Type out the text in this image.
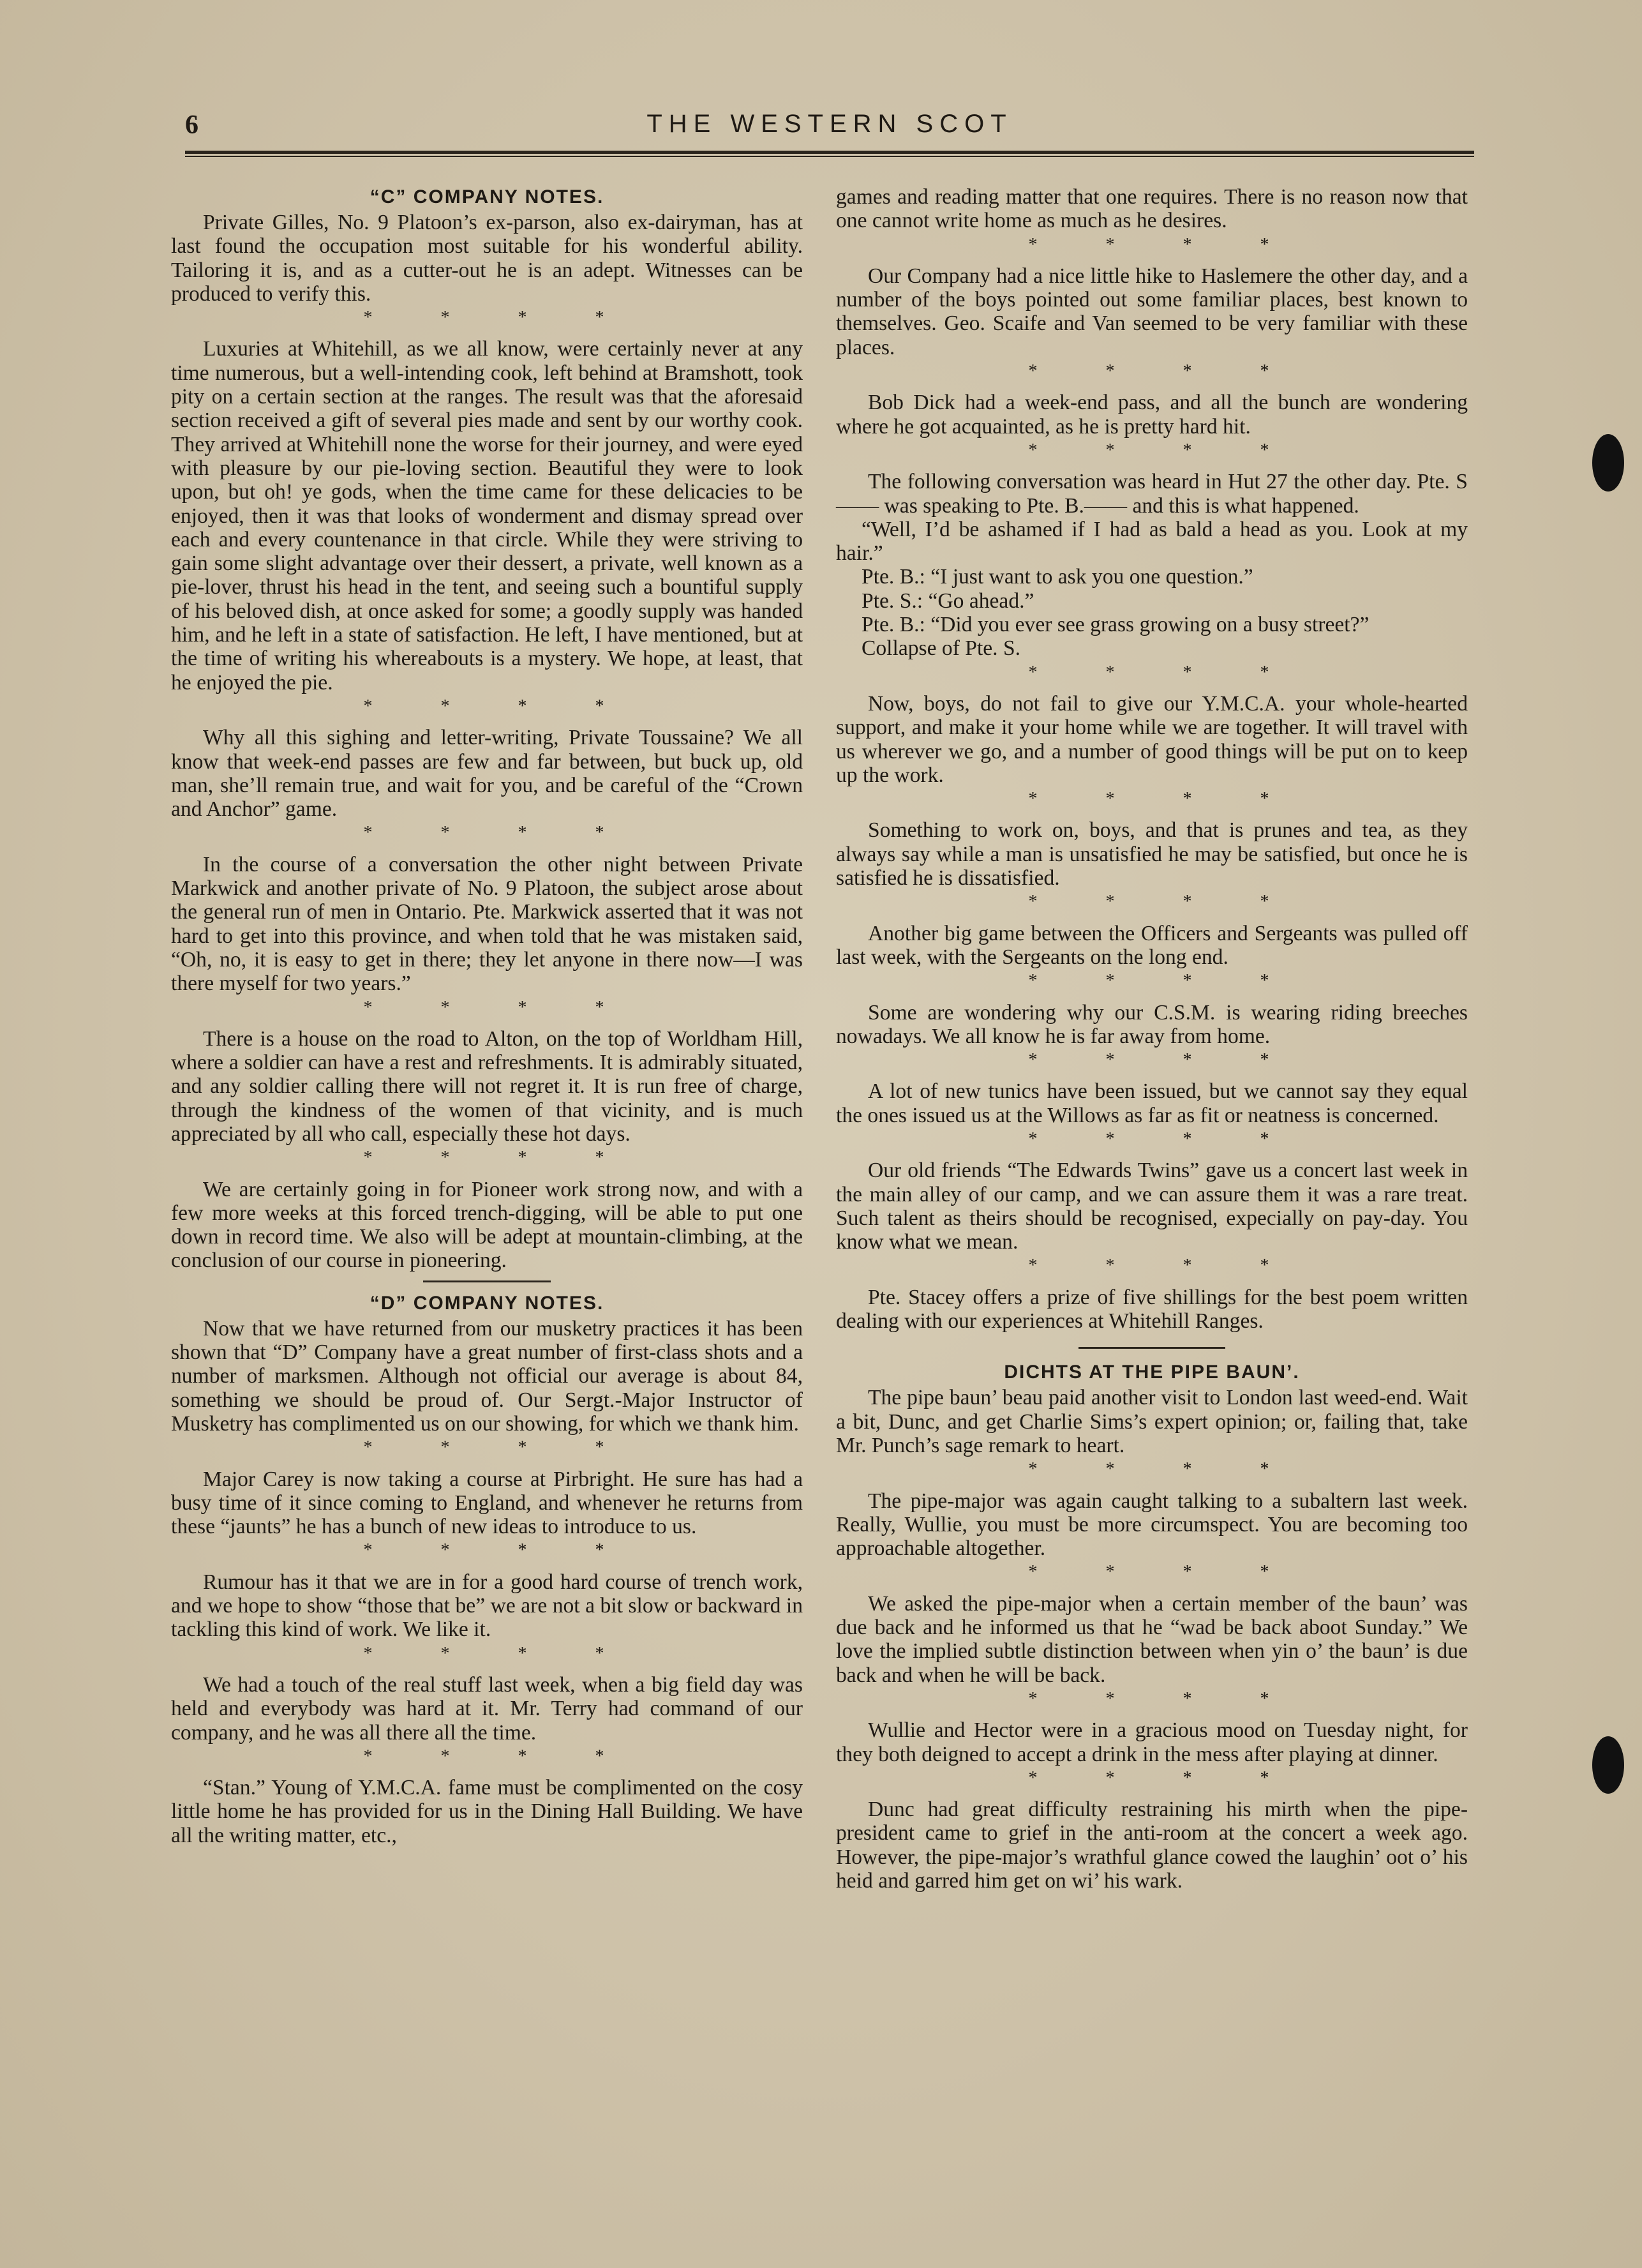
6	THE WESTERN SCOT
“C” COMPANY NOTES.

Private Gilles, No. 9 Platoon’s ex-parson, also ex-dairyman, has at last found the occupation most suitable for his wonderful ability. Tailoring it is, and as a cutter-out he is an adept. Witnesses can be produced to verify this.

* * * *

Luxuries at Whitehill, as we all know, were certainly never at any time numerous, but a well-intending cook, left behind at Bramshott, took pity on a certain section at the ranges. The result was that the aforesaid section received a gift of several pies made and sent by our worthy cook. They arrived at Whitehill none the worse for their journey, and were eyed with pleasure by our pie-loving section. Beautiful they were to look upon, but oh! ye gods, when the time came for these delicacies to be enjoyed, then it was that looks of wonderment and dismay spread over each and every countenance in that circle. While they were striving to gain some slight advantage over their dessert, a private, well known as a pie-lover, thrust his head in the tent, and seeing such a bountiful supply of his beloved dish, at once asked for some; a goodly supply was handed him, and he left in a state of satisfaction. He left, I have mentioned, but at the time of writing his whereabouts is a mystery. We hope, at least, that he enjoyed the pie.

* * * *

Why all this sighing and letter-writing, Private Toussaine? We all know that week-end passes are few and far between, but buck up, old man, she’ll remain true, and wait for you, and be careful of the “Crown and Anchor” game.

* * * *

In the course of a conversation the other night between Private Markwick and another private of No. 9 Platoon, the subject arose about the general run of men in Ontario. Pte. Markwick asserted that it was not hard to get into this province, and when told that he was mistaken said, “Oh, no, it is easy to get in there; they let anyone in there now—I was there myself for two years.”

* * * *

There is a house on the road to Alton, on the top of Worldham Hill, where a soldier can have a rest and refreshments. It is admirably situated, and any soldier calling there will not regret it. It is run free of charge, through the kindness of the women of that vicinity, and is much appreciated by all who call, especially these hot days.

* * * *

We are certainly going in for Pioneer work strong now, and with a few more weeks at this forced trench-digging, will be able to put one down in record time. We also will be adept at mountain-climbing, at the conclusion of our course in pioneering.

“D” COMPANY NOTES.

Now that we have returned from our musketry practices it has been shown that “D” Company have a great number of first-class shots and a number of marksmen. Although not official our average is about 84, something we should be proud of. Our Sergt.-Major Instructor of Musketry has complimented us on our showing, for which we thank him.

* * * *

Major Carey is now taking a course at Pirbright. He sure has had a busy time of it since coming to England, and whenever he returns from these “jaunts” he has a bunch of new ideas to introduce to us.

* * * *

Rumour has it that we are in for a good hard course of trench work, and we hope to show “those that be” we are not a bit slow or backward in tackling this kind of work. We like it.

* * * *

We had a touch of the real stuff last week, when a big field day was held and everybody was hard at it. Mr. Terry had command of our company, and he was all there all the time.

* * * *

“Stan.” Young of Y.M.C.A. fame must be complimented on the cosy little home he has provided for us in the Dining Hall Building. We have all the writing matter, etc.,

games and reading matter that one requires. There is no reason now that one cannot write home as much as he desires.

* * * *

Our Company had a nice little hike to Haslemere the other day, and a number of the boys pointed out some familiar places, best known to themselves. Geo. Scaife and Van seemed to be very familiar with these places.

* * * *

Bob Dick had a week-end pass, and all the bunch are wondering where he got acquainted, as he is pretty hard hit.

* * * *

The following conversation was heard in Hut 27 the other day. Pte. S—— was speaking to Pte. B.—— and this is what happened.

“Well, I’d be ashamed if I had as bald a head as you. Look at my hair.”

Pte. B.: “I just want to ask you one question.”

Pte. S.: “Go ahead.”

Pte. B.: “Did you ever see grass growing on a busy street?”

Collapse of Pte. S.

* * * *

Now, boys, do not fail to give our Y.M.C.A. your whole-hearted support, and make it your home while we are together. It will travel with us wherever we go, and a number of good things will be put on to keep up the work.

* * * *

Something to work on, boys, and that is prunes and tea, as they always say while a man is unsatisfied he may be satisfied, but once he is satisfied he is dissatisfied.

* * * *

Another big game between the Officers and Sergeants was pulled off last week, with the Sergeants on the long end.

* * * *

Some are wondering why our C.S.M. is wearing riding breeches nowadays. We all know he is far away from home.

* * * *

A lot of new tunics have been issued, but we cannot say they equal the ones issued us at the Willows as far as fit or neatness is concerned.

* * * *

Our old friends “The Edwards Twins” gave us a concert last week in the main alley of our camp, and we can assure them it was a rare treat. Such talent as theirs should be recognised, expecially on pay-day. You know what we mean.

* * * *

Pte. Stacey offers a prize of five shillings for the best poem written dealing with our experiences at Whitehill Ranges.

DICHTS AT THE PIPE BAUN’.

The pipe baun’ beau paid another visit to London last weed-end. Wait a bit, Dunc, and get Charlie Sims’s expert opinion; or, failing that, take Mr. Punch’s sage remark to heart.

* * * *

The pipe-major was again caught talking to a subaltern last week. Really, Wullie, you must be more circumspect. You are becoming too approachable altogether.

* * * *

We asked the pipe-major when a certain member of the baun’ was due back and he informed us that he “wad be back aboot Sunday.” We love the implied subtle distinction between when yin o’ the baun’ is due back and when he will be back.

* * * *

Wullie and Hector were in a gracious mood on Tuesday night, for they both deigned to accept a drink in the mess after playing at dinner.

* * * *

Dunc had great difficulty restraining his mirth when the pipe-president came to grief in the anti-room at the concert a week ago. However, the pipe-major’s wrathful glance cowed the laughin’ oot o’ his heid and garred him get on wi’ his wark.
